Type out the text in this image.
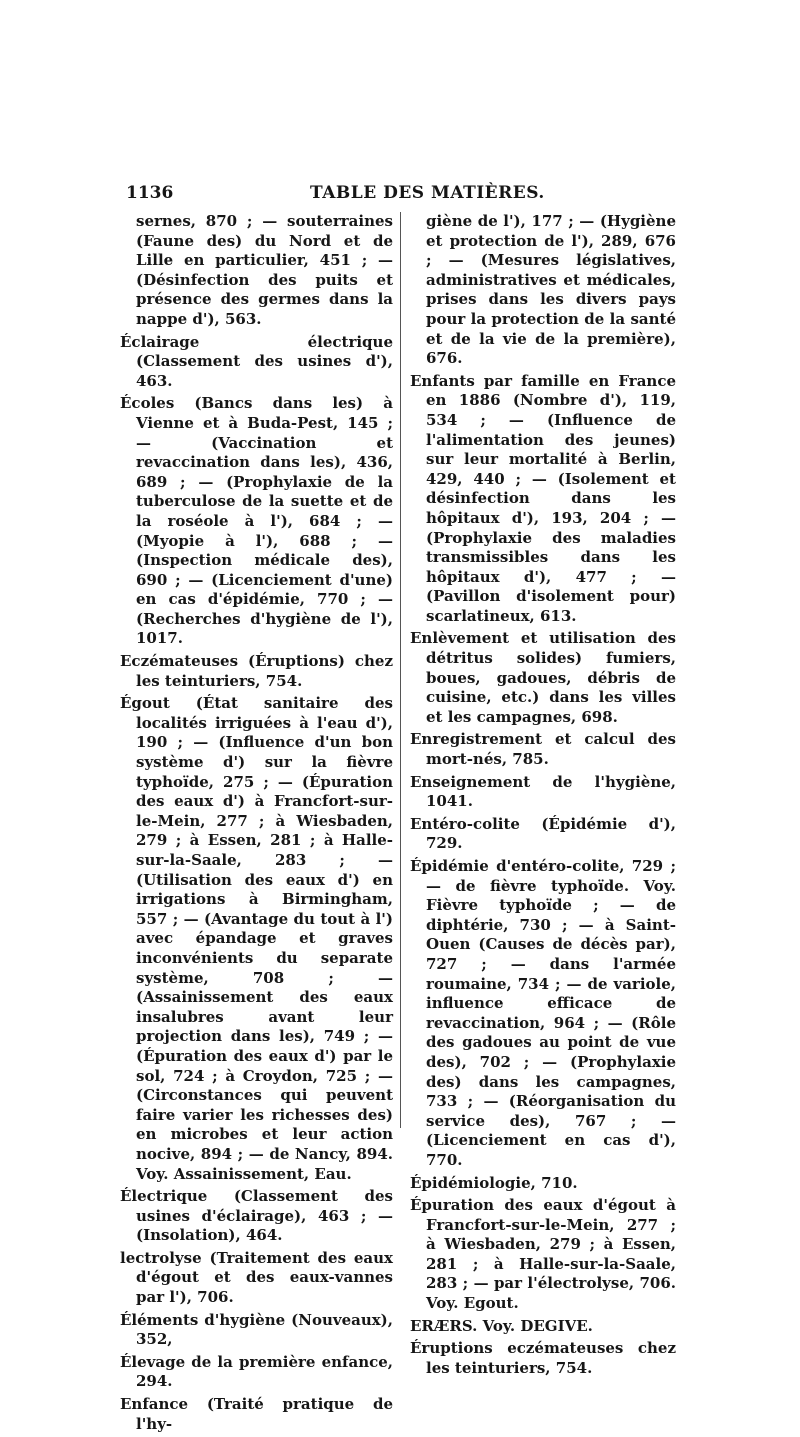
1136	TABLE DES MATIÈRES.
sernes, 870 ; — souterraines (Faune des) du Nord et de Lille en particulier, 451 ; — (Désinfection des puits et présence des germes dans la nappe d'), 563.
Éclairage électrique (Classement des usines d'), 463.
Écoles (Bancs dans les) à Vienne et à Buda-Pest, 145 ; — (Vaccination et revaccination dans les), 436, 689 ; — (Prophylaxie de la tuberculose de la suette et de la roséole à l'), 684 ; — (Myopie à l'), 688 ; — (Inspection médicale des), 690 ; — (Licenciement d'une) en cas d'épidémie, 770 ; — (Recherches d'hygiène de l'), 1017.
Eczémateuses (Éruptions) chez les teinturiers, 754.
Égout (État sanitaire des localités irriguées à l'eau d'), 190 ; — (Influence d'un bon système d') sur la fièvre typhoïde, 275 ; — (Épuration des eaux d') à Francfort-sur-le-Mein, 277 ; à Wiesbaden, 279 ; à Essen, 281 ; à Halle-sur-la-Saale, 283 ; — (Utilisation des eaux d') en irrigations à Birmingham, 557 ; — (Avantage du tout à l') avec épandage et graves inconvénients du separate système, 708 ; — (Assainissement des eaux insalubres avant leur projection dans les), 749 ; — (Épuration des eaux d') par le sol, 724 ; à Croydon, 725 ; — (Circonstances qui peuvent faire varier les richesses des) en microbes et leur action nocive, 894 ; — de Nancy, 894. Voy. Assainissement, Eau.
Électrique (Classement des usines d'éclairage), 463 ; — (Insolation), 464.
lectrolyse (Traitement des eaux d'égout et des eaux-vannes par l'), 706.
Éléments d'hygiène (Nouveaux), 352,
Élevage de la première enfance, 294.
Enfance (Traité pratique de l'hy-
giène de l'), 177 ; — (Hygiène et protection de l'), 289, 676 ; — (Mesures législatives, administratives et médicales, prises dans les divers pays pour la protection de la santé et de la vie de la première), 676.
Enfants par famille en France en 1886 (Nombre d'), 119, 534 ; — (Influence de l'alimentation des jeunes) sur leur mortalité à Berlin, 429, 440 ; — (Isolement et désinfection dans les hôpitaux d'), 193, 204 ; — (Prophylaxie des maladies transmissibles dans les hôpitaux d'), 477 ; — (Pavillon d'isolement pour) scarlatineux, 613.
Enlèvement et utilisation des détritus solides) fumiers, boues, gadoues, débris de cuisine, etc.) dans les villes et les campagnes, 698.
Enregistrement et calcul des mort-nés, 785.
Enseignement de l'hygiène, 1041.
Entéro-colite (Épidémie d'), 729.
Épidémie d'entéro-colite, 729 ; — de fièvre typhoïde. Voy. Fièvre typhoïde ; — de diphtérie, 730 ; — à Saint-Ouen (Causes de décès par), 727 ; — dans l'armée roumaine, 734 ; — de variole, influence efficace de revaccination, 964 ; — (Rôle des gadoues au point de vue des), 702 ; — (Prophylaxie des) dans les campagnes, 733 ; — (Réorganisation du service des), 767 ; — (Licenciement en cas d'), 770.
Épidémiologie, 710.
Épuration des eaux d'égout à Francfort-sur-le-Mein, 277 ; à Wiesbaden, 279 ; à Essen, 281 ; à Halle-sur-la-Saale, 283 ; — par l'électrolyse, 706. Voy. Egout.
ERÆRS. Voy. DEGIVE.
Éruptions eczémateuses chez les teinturiers, 754.
